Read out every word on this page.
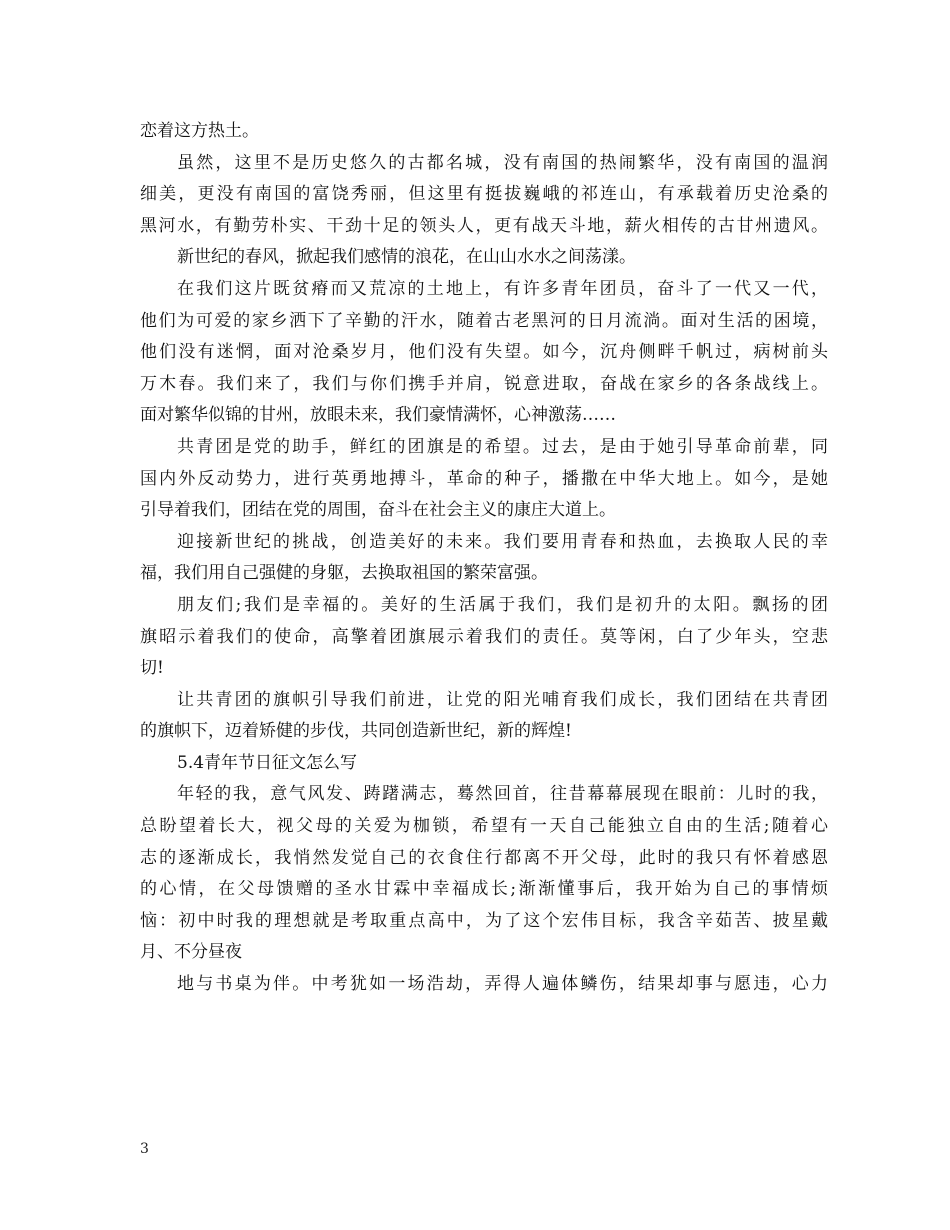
恋着这方热土。
虽然，这里不是历史悠久的古都名城，没有南国的热闹繁华，没有南国的温润
细美，更没有南国的富饶秀丽，但这里有挺拔巍峨的祁连山，有承载着历史沧桑的
黑河水，有勤劳朴实、干劲十足的领头人，更有战天斗地，薪火相传的古甘州遗风。
新世纪的春风，掀起我们感情的浪花，在山山水水之间荡漾。
在我们这片既贫瘠而又荒凉的土地上，有许多青年团员，奋斗了一代又一代，
他们为可爱的家乡洒下了辛勤的汗水，随着古老黑河的日月流淌。面对生活的困境，
他们没有迷惘，面对沧桑岁月，他们没有失望。如今，沉舟侧畔千帆过，病树前头
万木春。我们来了，我们与你们携手并肩，锐意进取，奋战在家乡的各条战线上。
面对繁华似锦的甘州，放眼未来，我们豪情满怀，心神激荡……
共青团是党的助手，鲜红的团旗是的希望。过去，是由于她引导革命前辈，同
国内外反动势力，进行英勇地搏斗，革命的种子，播撒在中华大地上。如今，是她
引导着我们，团结在党的周围，奋斗在社会主义的康庄大道上。
迎接新世纪的挑战，创造美好的未来。我们要用青春和热血，去换取人民的幸
福，我们用自己强健的身躯，去换取祖国的繁荣富强。
朋友们;我们是幸福的。美好的生活属于我们，我们是初升的太阳。飘扬的团
旗昭示着我们的使命，高擎着团旗展示着我们的责任。莫等闲，白了少年头，空悲
切!
让共青团的旗帜引导我们前进，让党的阳光哺育我们成长，我们团结在共青团
的旗帜下，迈着矫健的步伐，共同创造新世纪，新的辉煌!
5.4青年节日征文怎么写
年轻的我，意气风发、踌躇满志，蓦然回首，往昔幕幕展现在眼前：儿时的我，
总盼望着长大，视父母的关爱为枷锁，希望有一天自己能独立自由的生活;随着心
志的逐渐成长，我悄然发觉自己的衣食住行都离不开父母，此时的我只有怀着感恩
的心情，在父母馈赠的圣水甘霖中幸福成长;渐渐懂事后，我开始为自己的事情烦
恼：初中时我的理想就是考取重点高中，为了这个宏伟目标，我含辛茹苦、披星戴
月、不分昼夜
地与书桌为伴。中考犹如一场浩劫，弄得人遍体鳞伤，结果却事与愿违，心力
3
